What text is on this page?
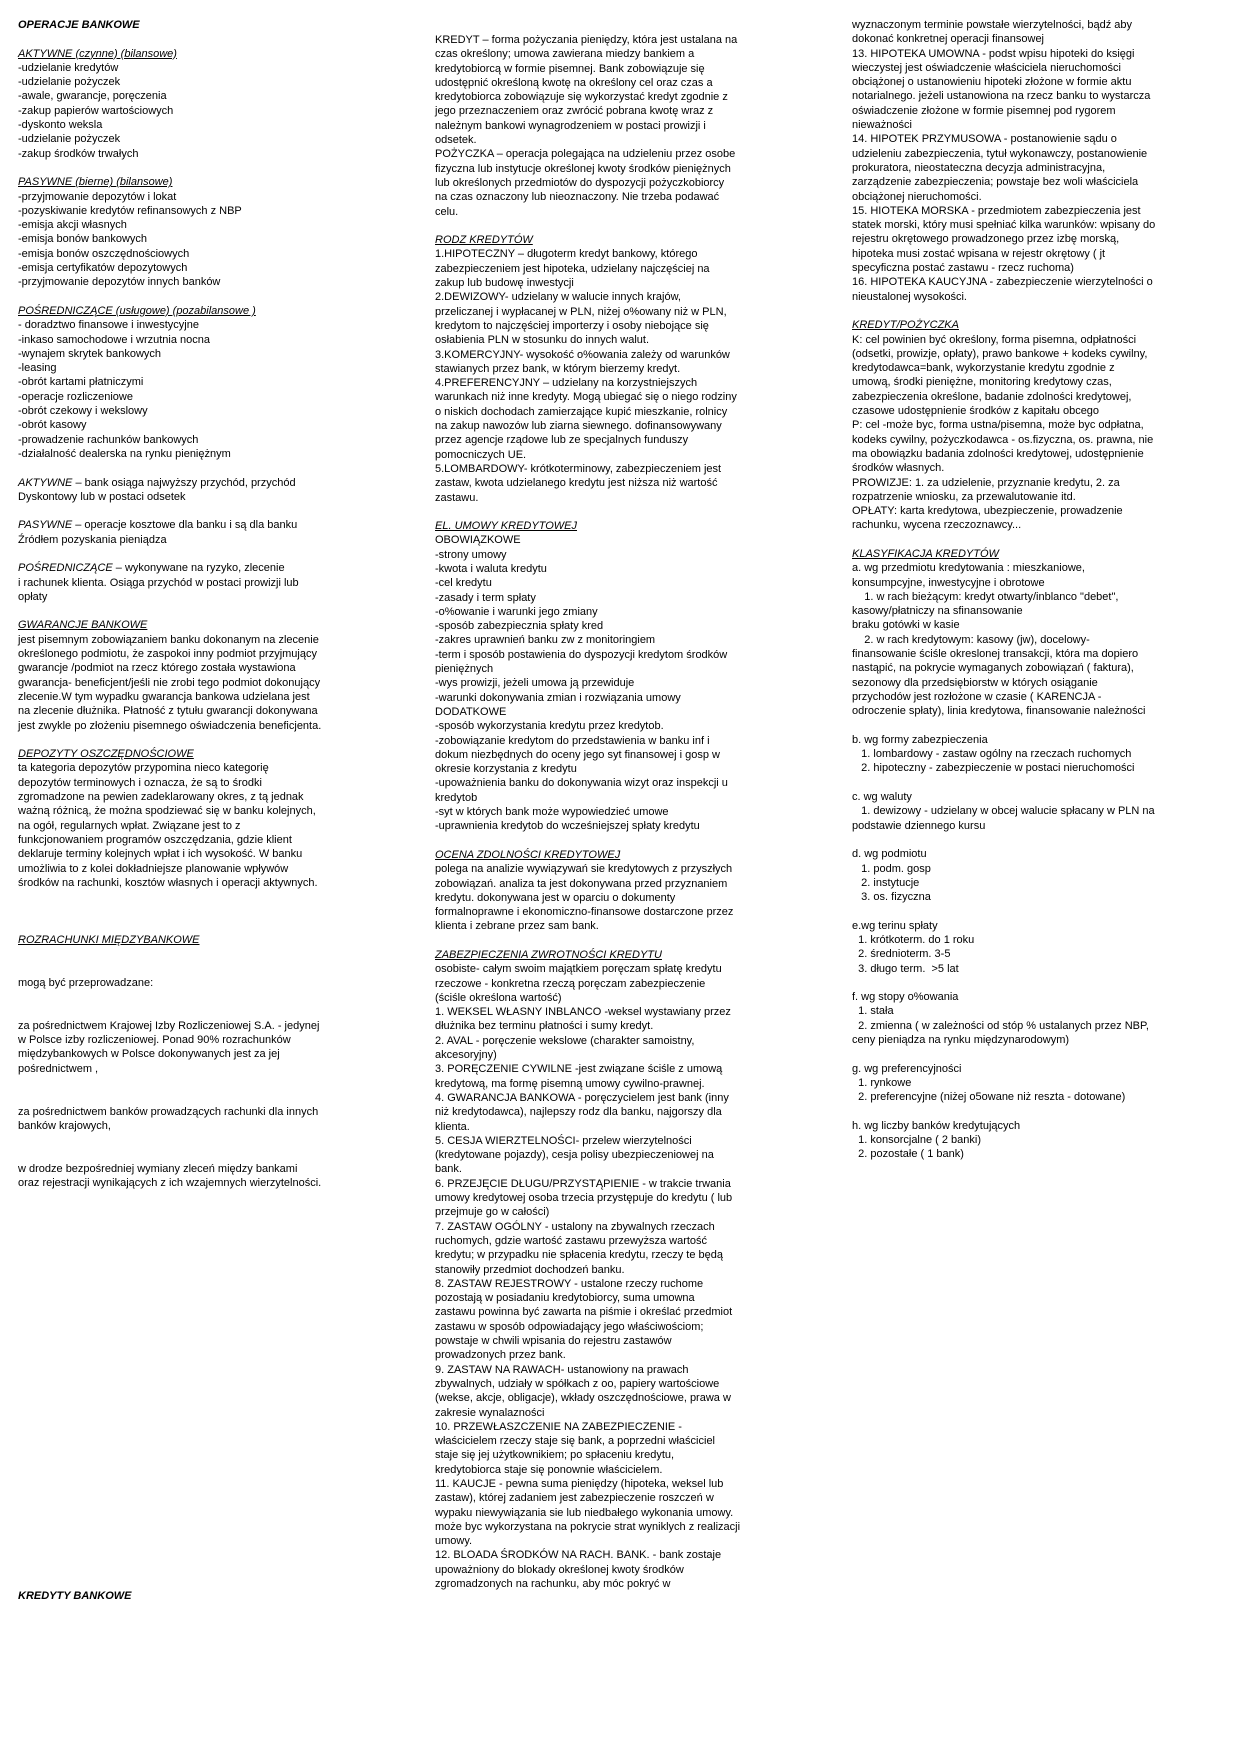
OPERACJE BANKOWE
AKTYWNE (czynne) (bilansowe)
-udzielanie kredytów
-udzielanie pożyczek
-awale, gwarancje, poręczenia
-zakup papierów wartościowych
-dyskonto weksla
-udzielanie pożyczek
-zakup środków trwałych
PASYWNE (bierne) (bilansowe)
-przyjmowanie depozytów i lokat
-pozyskiwanie kredytów refinansowych z NBP
-emisja akcji własnych
-emisja bonów bankowych
-emisja bonów oszczędnościowych
-emisja certyfikatów depozytowych
-przyjmowanie depozytów innych banków
POŚREDNICZĄCE (usługowe) (pozabilansowe )
- doradztwo finansowe i inwestycyjne
-inkaso samochodowe i wrzutnia nocna
-wynajem skrytek bankowych
-leasing
-obrót kartami płatniczymi
-operacje rozliczeniowe
-obrót czekowy i wekslowy
-obrót kasowy
-prowadzenie rachunków bankowych
-działalność dealerska na rynku pieniężnym
AKTYWNE – bank osiąga najwyższy przychód, przychód
Dyskontowy lub w postaci odsetek
PASYWNE – operacje kosztowe dla banku i są dla banku
Źródłem pozyskania pieniądza
POŚREDNICZĄCE – wykonywane na ryzyko, zlecenie
i rachunek klienta. Osiąga przychód w postaci prowizji lub
opłaty
GWARANCJE BANKOWE
jest pisemnym zobowiązaniem banku dokonanym na zlecenie
określonego podmiotu, że zaspokoi inny podmiot przyjmujący
gwarancje /podmiot na rzecz którego została wystawiona
gwarancja- beneficjent/jeśli nie zrobi tego podmiot dokonujący
zlecenie.W tym wypadku gwarancja bankowa udzielana jest
na zlecenie dłużnika. Płatność z tytułu gwarancji dokonywana
jest zwykle po złożeniu pisemnego oświadczenia beneficjenta.
DEPOZYTY OSZCZĘDNOŚCIOWE
ta kategoria depozytów przypomina nieco kategorię
depozytów terminowych i oznacza, że są to środki
zgromadzone na pewien zadeklarowany okres, z tą jednak
ważną różnicą, że można spodziewać się w banku kolejnych,
na ogół, regularnych wpłat. Związane jest to z
funkcjonowaniem programów oszczędzania, gdzie klient
deklaruje terminy kolejnych wpłat i ich wysokość. W banku
umożliwia to z kolei dokładniejsze planowanie wpływów
środków na rachunki, kosztów własnych i operacji aktywnych.
ROZRACHUNKI MIĘDZYBANKOWE
mogą być przeprowadzane:
za pośrednictwem Krajowej Izby Rozliczeniowej S.A. - jedynej
w Polsce izby rozliczeniowej. Ponad 90% rozrachunków
międzybankowych w Polsce dokonywanych jest za jej
pośrednictwem ,
za pośrednictwem banków prowadzących rachunki dla innych
banków krajowych,
w drodze bezpośredniej wymiany zleceń między bankami
oraz rejestracji wynikających z ich wzajemnych wierzytelności.
KREDYTY BANKOWE
KREDYT – forma pożyczania pieniędzy, która jest ustalana na
czas określony; umowa zawierana miedzy bankiem a
kredytobiorcą w formie pisemnej. Bank zobowiązuje się
udostępnić określoną kwotę na określony cel oraz czas a
kredytobiorca zobowiązuje się wykorzystać kredyt zgodnie z
jego przeznaczeniem oraz zwrócić pobrana kwotę wraz z
należnym bankowi wynagrodzeniem w postaci prowizji i
odsetek.
POŻYCZKA – operacja polegająca na udzieleniu przez osobe
fizyczna lub instytucje określonej kwoty środków pieniężnych
lub określonych przedmiotów do dyspozycji pożyczkobiorcy
na czas oznaczony lub nieoznaczony. Nie trzeba podawać
celu.
RODZ KREDYTÓW
1.HIPOTECZNY – długoterm kredyt bankowy, którego
zabezpieczeniem jest hipoteka, udzielany najczęściej na
zakup lub budowę inwestycji
2.DEWIZOWY- udzielany w walucie innych krajów,
przeliczanej i wypłacanej w PLN, niżej o%owany niż w PLN,
kredytom to najczęściej importerzy i osoby niebojące się
osłabienia PLN w stosunku do innych walut.
3.KOMERCYJNY- wysokość o%owania zależy od warunków
stawianych przez bank, w którym bierzemy kredyt.
4.PREFERENCYJNY – udzielany na korzystniejszych
warunkach niż inne kredyty. Mogą ubiegać się o niego rodziny
o niskich dochodach zamierzające kupić mieszkanie, rolnicy
na zakup nawozów lub ziarna siewnego. dofinansowywany
przez agencje rządowe lub ze specjalnych funduszy
pomocniczych UE.
5.LOMBARDOWY- krótkoterminowy, zabezpieczeniem jest
zastaw, kwota udzielanego kredytu jest niższa niż wartość
zastawu.
EL. UMOWY KREDYTOWEJ
OBOWIĄZKOWE
-strony umowy
-kwota i waluta kredytu
-cel kredytu
-zasady i term spłaty
-o%owanie i warunki jego zmiany
-sposób zabezpiecznia spłaty kred
-zakres uprawnień banku zw z monitoringiem
-term i sposób postawienia do dyspozycji kredytom środków
pieniężnych
-wys prowizji, jeżeli umowa ją przewiduje
-warunki dokonywania zmian i rozwiązania umowy
DODATKOWE
-sposób wykorzystania kredytu przez kredytob.
-zobowiązanie kredytom do przedstawienia w banku inf i
dokum niezbędnych do oceny jego syt finansowej i gosp w
okresie korzystania z kredytu
-upoważnienia banku do dokonywania wizyt oraz inspekcji u
kredytob
-syt w których bank może wypowiedzieć umowe
-uprawnienia kredytob do wcześniejszej spłaty kredytu
OCENA ZDOLNOŚCI KREDYTOWEJ
polega na analizie wywiązywań sie kredytowych z przyszłych
zobowiązań. analiza ta jest dokonywana przed przyznaniem
kredytu. dokonywana jest w oparciu o dokumenty
formalnoprawne i ekonomiczno-finansowe dostarczone przez
klienta i zebrane przez sam bank.
ZABEZPIECZENIA ZWROTNOŚCI KREDYTU
osobiste- całym swoim majątkiem poręczam spłatę kredytu
rzeczowe - konkretna rzeczą poręczam zabezpieczenie
(ściśle określona wartość)
1. WEKSEL WŁASNY INBLANCO -weksel wystawiany przez
dłużnika bez terminu płatności i sumy kredyt.
2. AVAL - poręczenie wekslowe (charakter samoistny,
akcesoryjny)
3. PORĘCZENIE CYWILNE -jest związane ściśle z umową
kredytową, ma formę pisemną umowy cywilno-prawnej.
4. GWARANCJA BANKOWA - poręczycielem jest bank (inny
niż kredytodawca), najlepszy rodz dla banku, najgorszy dla
klienta.
5. CESJA WIERZTELNOŚCI- przelew wierzytelności
(kredytowane pojazdy), cesja polisy ubezpieczeniowej na
bank.
6. PRZEJĘCIE DŁUGU/PRZYSTĄPIENIE - w trakcie trwania
umowy kredytowej osoba trzecia przystępuje do kredytu ( lub
przejmuje go w całości)
7. ZASTAW OGÓLNY - ustalony na zbywalnych rzeczach
ruchomych, gdzie wartość zastawu przewyższa wartość
kredytu; w przypadku nie spłacenia kredytu, rzeczy te będą
stanowiły przedmiot dochodzeń banku.
8. ZASTAW REJESTROWY - ustalone rzeczy ruchome
pozostają w posiadaniu kredytobiorcy, suma umowna
zastawu powinna być zawarta na piśmie i określać przedmiot
zastawu w sposób odpowiadający jego właściwościom;
powstaje w chwili wpisania do rejestru zastawów
prowadzonych przez bank.
9. ZASTAW NA RAWACH- ustanowiony na prawach
zbywalnych, udziały w spółkach z oo, papiery wartościowe
(wekse, akcje, obligacje), wkłady oszczędnościowe, prawa w
zakresie wynalazności
10. PRZEWŁASZCZENIE NA ZABEZPIECZENIE -
właścicielem rzeczy staje się bank, a poprzedni właściciel
staje się jej użytkownikiem; po spłaceniu kredytu,
kredytobiorca staje się ponownie właścicielem.
11. KAUCJE - pewna suma pieniędzy (hipoteka, weksel lub
zastaw), której zadaniem jest zabezpieczenie roszczeń w
wypaku niewywiązania sie lub niedbałego wykonania umowy.
może byc wykorzystana na pokrycie strat wyniklych z realizacji
umowy.
12. BLOADA ŚRODKÓW NA RACH. BANK. - bank zostaje
upoważniony do blokady określonej kwoty środków
zgromadzonych na rachunku, aby móc pokryć w
wyznaczonym terminie powstałe wierzytelności, bądź aby
dokonać konkretnej operacji finansowej
13. HIPOTEKA UMOWNA - podst wpisu hipoteki do księgi
wieczystej jest oświadczenie właściciela nieruchomości
obciążonej o ustanowieniu hipoteki złożone w formie aktu
notarialnego. jeżeli ustanowiona na rzecz banku to wystarcza
oświadczenie złożone w formie pisemnej pod rygorem
nieważności
14. HIPOTEK PRZYMUSOWA - postanowienie sądu o
udzieleniu zabezpieczenia, tytuł wykonawczy, postanowienie
prokuratora, nieostateczna decyzja administracyjna,
zarządzenie zabezpieczenia; powstaje bez woli właściciela
obciążonej nieruchomości.
15. HIOTEKA MORSKA - przedmiotem zabezpieczenia jest
statek morski, który musi spełniać kilka warunków: wpisany do
rejestru okrętowego prowadzonego przez izbę morską,
hipoteka musi zostać wpisana w rejestr okrętowy ( jt
specyficzna postać zastawu - rzecz ruchoma)
16. HIPOTEKA KAUCYJNA - zabezpieczenie wierzytelności o
nieustalonej wysokości.
KREDYT/POŻYCZKA
K: cel powinien być określony, forma pisemna, odpłatności
(odsetki, prowizje, opłaty), prawo bankowe + kodeks cywilny,
kredytodawca=bank, wykorzystanie kredytu zgodnie z
umową, środki pieniężne, monitoring kredytowy czas,
zabezpieczenia określone, badanie zdolności kredytowej,
czasowe udostępnienie środków z kapitału obcego
P: cel -może byc, forma ustna/pisemna, może byc odpłatna,
kodeks cywilny, pożyczkodawca - os.fizyczna, os. prawna, nie
ma obowiązku badania zdolności kredytowej, udostępnienie
środków własnych.
PROWIZJE: 1. za udzielenie, przyznanie kredytu, 2. za
rozpatrzenie wniosku, za przewalutowanie itd.
OPŁATY: karta kredytowa, ubezpieczenie, prowadzenie
rachunku, wycena rzeczoznawcy...
KLASYFIKACJA KREDYTÓW
a. wg przedmiotu kredytowania : mieszkaniowe,
konsumpcyjne, inwestycyjne i obrotowe
1. w rach bieżącym: kredyt otwarty/inblanco "debet",
kasowy/płatniczy na sfinansowanie
braku gotówki w kasie
2. w rach kredytowym: kasowy (jw), docelowy-
finansowanie ściśle okreslonej transakcji, która ma dopiero
nastąpić, na pokrycie wymaganych zobowiązań ( faktura),
sezonowy dla przedsiębiorstw w których osiąganie
przychodów jest rozłożone w czasie ( KARENCJA -
odroczenie spłaty), linia kredytowa, finansowanie należności
b. wg formy zabezpieczenia
1. lombardowy - zastaw ogólny na rzeczach ruchomych
2. hipoteczny - zabezpieczenie w postaci nieruchomości
c. wg waluty
1. dewizowy - udzielany w obcej walucie spłacany w PLN na
podstawie dziennego kursu
d. wg podmiotu
1. podm. gosp
2. instytucje
3. os. fizyczna
e.wg terinu spłaty
1. krótkoterm. do 1 roku
2. średnioterm. 3-5
3. długo term.  >5 lat
f. wg stopy o%owania
1. stała
2. zmienna ( w zależności od stóp % ustalanych przez NBP,
ceny pieniądza na rynku międzynarodowym)
g. wg preferencyjności
1. rynkowe
2. preferencyjne (niżej o5owane niż reszta - dotowane)
h. wg liczby banków kredytujących
1. konsorcjalne ( 2 banki)
2. pozostałe ( 1 bank)
